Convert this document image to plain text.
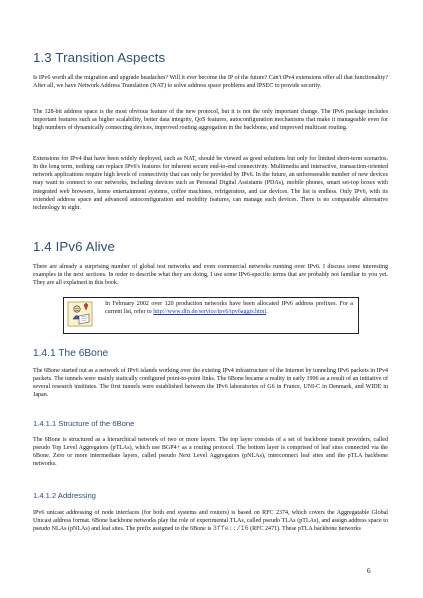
1.3 Transition Aspects

Is IPv6 worth all the migration and upgrade headaches? Will it ever become the IP of the future? Can't IPv4 extensions offer all that functionality? After all, we have Network Address Translation (NAT) to solve address space problems and IPSEC to provide security.

The 128-bit address space is the most obvious feature of the new protocol, but it is not the only important change. The IPv6 package includes important features such as higher scalability, better data integrity, QoS features, autoconfiguration mechanisms that make it manageable even for high numbers of dynamically connecting devices, improved routing aggregation in the backbone, and improved multicast routing.

Extensions for IPv4 that have been widely deployed, such as NAT, should be viewed as good solutions but only for limited short-term scenarios. In the long term, nothing can replace IPv6's features for inherent secure end-to-end connectivity. Multimedia and interactive, transaction-oriented network applications require high levels of connectivity that can only be provided by IPv6. In the future, an unforeseeable number of new devices may want to connect to our networks, including devices such as Personal Digital Assistants (PDAs), mobile phones, smart set-top boxes with integrated web browsers, home entertainment systems, coffee machines, refrigerators, and car devices. The list is endless. Only IPv6, with its extended address space and advanced autoconfiguration and mobility features, can manage such devices. There is no comparable alternative technology in sight.

1.4 IPv6 Alive

There are already a surprising number of global test networks and even commercial networks running over IPv6. I discuss some interesting examples in the next sections. In order to describe what they are doing, I use some IPv6-specific terms that are probably not familiar to you yet. They are all explained in this book.

In February 2002 over 120 production networks have been allocated IPv6 address prefixes. For a current list, refer to http://www.dfn.de/service/ipv6/ipv6aggis.html.

1.4.1 The 6Bone

The 6Bone started out as a network of IPv6 islands working over the existing IPv4 infrastructure of the Internet by tunneling IPv6 packets in IPv4 packets. The tunnels were mainly statically configured point-to-point links. The 6Bone became a reality in early 1996 as a result of an initiative of several research institutes. The first tunnels were established between the IPv6 laboratories of G6 in France, UNI-C in Denmark, and WIDE in Japan.

1.4.1.1 Structure of the 6Bone

The 6Bone is structured as a hierarchical network of two or more layers. The top layer consists of a set of backbone transit providers, called pseudo Top Level Aggregators (pTLAs), which use BGP4+ as a routing protocol. The bottom layer is comprised of leaf sites connected via the 6Bone. Zero or more intermediate layers, called pseudo Next Level Aggregators (pNLAs), interconnect leaf sites and the pTLA backbone networks.

1.4.1.2 Addressing

IPv6 unicast addressing of node interfaces (for both end systems and routers) is based on RFC 2374, which covers the Aggregatable Global Unicast address format. 6Bone backbone networks play the role of experimental TLAs, called pseudo TLAs (pTLAs), and assign address space to pseudo NLAs (pNLAs) and leaf sites. The prefix assigned to the 6Bone is 3ffe::/16 (RFC 2471). These pTLA backbone networks

6
